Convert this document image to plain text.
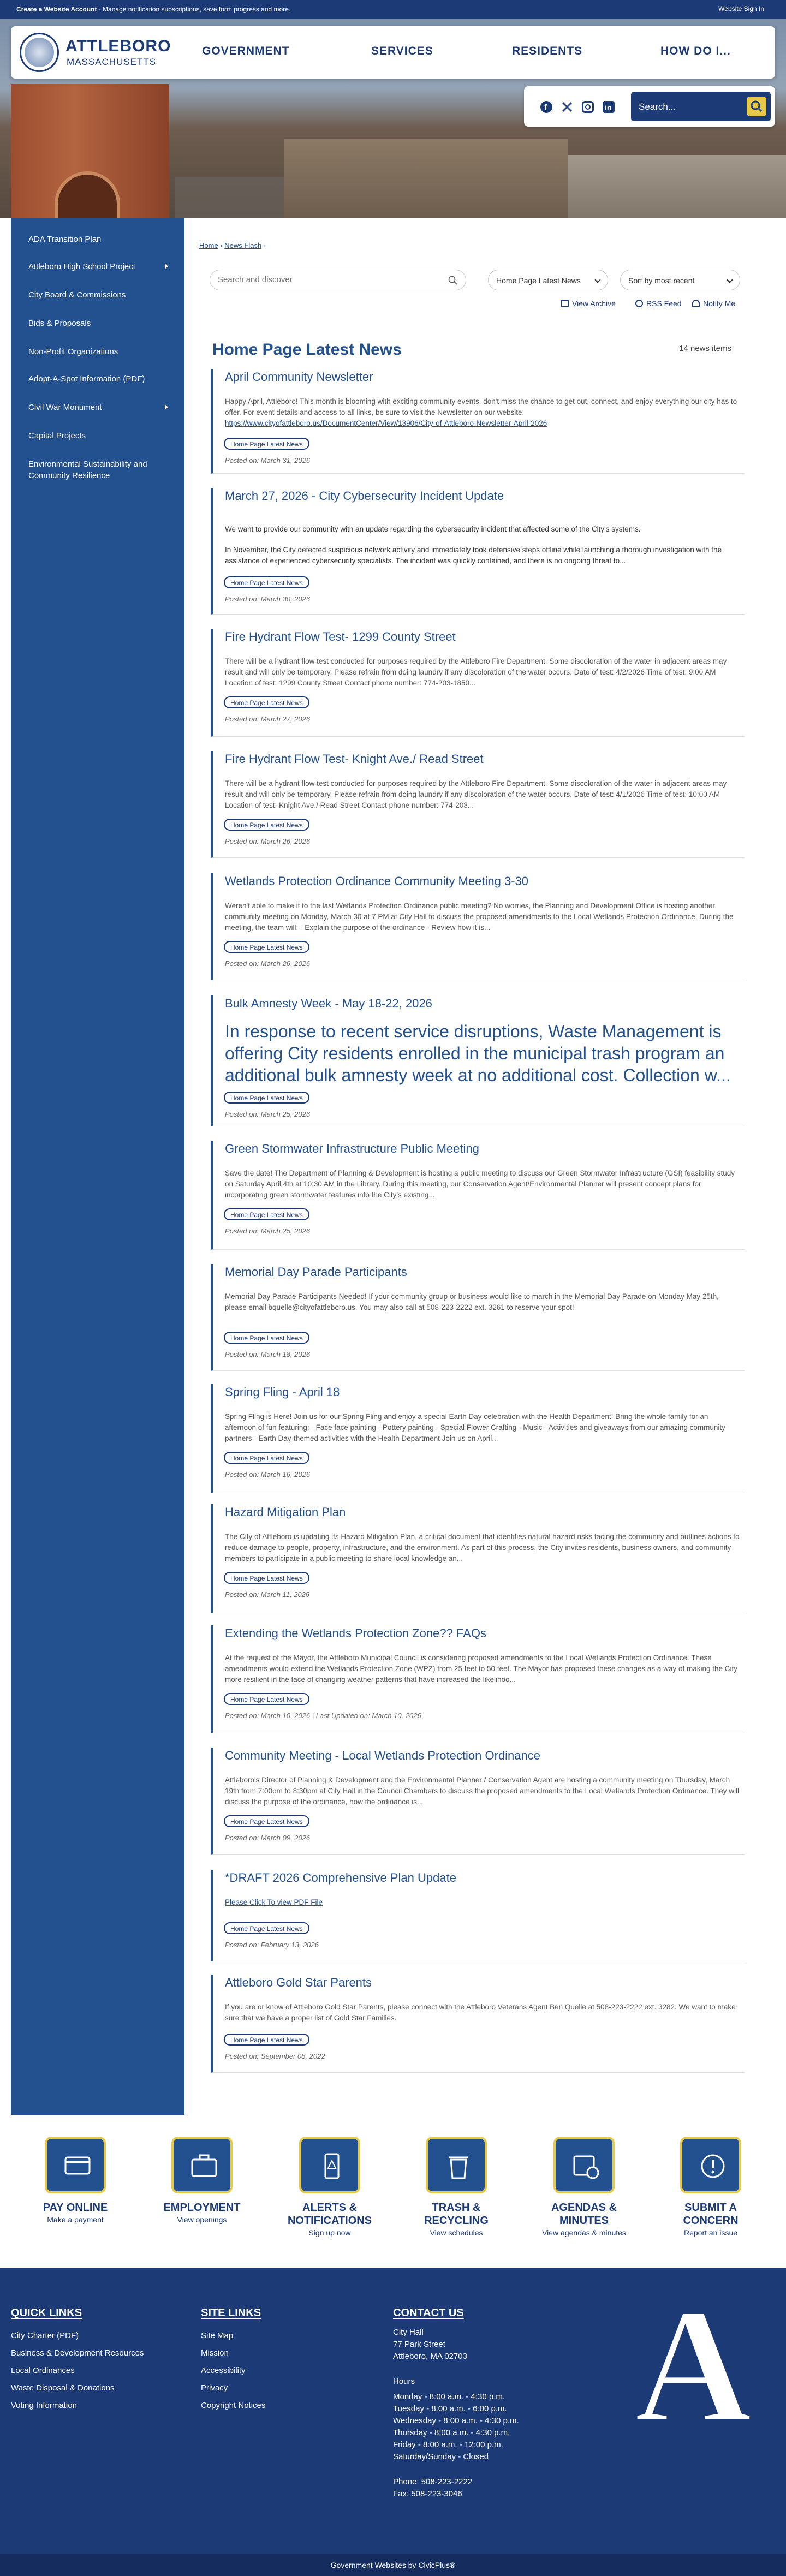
Create a Website Account - Manage notification subscriptions, save form progress and more.	Website Sign In
ATTLEBORO
MASSACHUSETTS
GOVERNMENT	SERVICES	RESIDENTS	HOW DO I...
f	in	Search...
ADA Transition Plan
Attleboro High School Project
City Board & Commissions
Bids & Proposals
Non-Profit Organizations
Adopt-A-Spot Information (PDF)
Civil War Monument
Capital Projects
Environmental Sustainability and Community Resilience
Home › News Flash ›
Search and discover
Home Page Latest News	Sort by most recent
View Archive	RSS Feed	Notify Me
Home Page Latest News	14 news items
April Community Newsletter
Happy April, Attleboro! This month is blooming with exciting community events, don't miss the chance to get out, connect, and enjoy everything our city has to offer. For event details and access to all links, be sure to visit the Newsletter on our website:
https://www.cityofattleboro.us/DocumentCenter/View/13906/City-of-Attleboro-Newsletter-April-2026
Home Page Latest News
Posted on: March 31, 2026
March 27, 2026 - City Cybersecurity Incident Update
We want to provide our community with an update regarding the cybersecurity incident that affected some of the City's systems.
In November, the City detected suspicious network activity and immediately took defensive steps offline while launching a thorough investigation with the assistance of experienced cybersecurity specialists. The incident was quickly contained, and there is no ongoing threat to...
Home Page Latest News
Posted on: March 30, 2026
Fire Hydrant Flow Test- 1299 County Street
There will be a hydrant flow test conducted for purposes required by the Attleboro Fire Department. Some discoloration of the water in adjacent areas may result and will only be temporary. Please refrain from doing laundry if any discoloration of the water occurs. Date of test: 4/2/2026 Time of test: 9:00 AM Location of test: 1299 County Street Contact phone number: 774-203-1850...
Home Page Latest News
Posted on: March 27, 2026
Fire Hydrant Flow Test- Knight Ave./ Read Street
There will be a hydrant flow test conducted for purposes required by the Attleboro Fire Department. Some discoloration of the water in adjacent areas may result and will only be temporary. Please refrain from doing laundry if any discoloration of the water occurs. Date of test: 4/1/2026 Time of test: 10:00 AM Location of test: Knight Ave./ Read Street Contact phone number: 774-203...
Home Page Latest News
Posted on: March 26, 2026
Wetlands Protection Ordinance Community Meeting 3-30
Weren't able to make it to the last Wetlands Protection Ordinance public meeting? No worries, the Planning and Development Office is hosting another community meeting on Monday, March 30 at 7 PM at City Hall to discuss the proposed amendments to the Local Wetlands Protection Ordinance. During the meeting, the team will: - Explain the purpose of the ordinance - Review how it is...
Home Page Latest News
Posted on: March 26, 2026
Bulk Amnesty Week - May 18-22, 2026
In response to recent service disruptions, Waste Management is offering City residents enrolled in the municipal trash program an additional bulk amnesty week at no additional cost. Collection w...
Home Page Latest News
Posted on: March 25, 2026
Green Stormwater Infrastructure Public Meeting
Save the date! The Department of Planning & Development is hosting a public meeting to discuss our Green Stormwater Infrastructure (GSI) feasibility study on Saturday April 4th at 10:30 AM in the Library. During this meeting, our Conservation Agent/Environmental Planner will present concept plans for incorporating green stormwater features into the City's existing...
Home Page Latest News
Posted on: March 25, 2026
Memorial Day Parade Participants
Memorial Day Parade Participants Needed! If your community group or business would like to march in the Memorial Day Parade on Monday May 25th, please email bquelle@cityofattleboro.us. You may also call at 508-223-2222 ext. 3261 to reserve your spot!
Home Page Latest News
Posted on: March 18, 2026
Spring Fling - April 18
Spring Fling is Here! Join us for our Spring Fling and enjoy a special Earth Day celebration with the Health Department! Bring the whole family for an afternoon of fun featuring: - Face face painting - Pottery painting - Special Flower Crafting - Music - Activities and giveaways from our amazing community partners - Earth Day-themed activities with the Health Department Join us on April...
Home Page Latest News
Posted on: March 16, 2026
Hazard Mitigation Plan
The City of Attleboro is updating its Hazard Mitigation Plan, a critical document that identifies natural hazard risks facing the community and outlines actions to reduce damage to people, property, infrastructure, and the environment. As part of this process, the City invites residents, business owners, and community members to participate in a public meeting to share local knowledge an...
Home Page Latest News
Posted on: March 11, 2026
Extending the Wetlands Protection Zone?? FAQs
At the request of the Mayor, the Attleboro Municipal Council is considering proposed amendments to the Local Wetlands Protection Ordinance. These amendments would extend the Wetlands Protection Zone (WPZ) from 25 feet to 50 feet. The Mayor has proposed these changes as a way of making the City more resilient in the face of changing weather patterns that have increased the likelihoo...
Home Page Latest News
Posted on: March 10, 2026 | Last Updated on: March 10, 2026
Community Meeting - Local Wetlands Protection Ordinance
Attleboro's Director of Planning & Development and the Environmental Planner / Conservation Agent are hosting a community meeting on Thursday, March 19th from 7:00pm to 8:30pm at City Hall in the Council Chambers to discuss the proposed amendments to the Local Wetlands Protection Ordinance. They will discuss the purpose of the ordinance, how the ordinance is...
Home Page Latest News
Posted on: March 09, 2026
*DRAFT 2026 Comprehensive Plan Update
Please Click To view PDF File
Home Page Latest News
Posted on: February 13, 2026
Attleboro Gold Star Parents
If you are or know of Attleboro Gold Star Parents, please connect with the Attleboro Veterans Agent Ben Quelle at 508-223-2222 ext. 3282. We want to make sure that we have a proper list of Gold Star Families.
Home Page Latest News
Posted on: September 08, 2022
PAY ONLINE
Make a payment
EMPLOYMENT
View openings
ALERTS & NOTIFICATIONS
Sign up now
TRASH & RECYCLING
View schedules
AGENDAS & MINUTES
View agendas & minutes
SUBMIT A CONCERN
Report an issue
QUICK LINKS
City Charter (PDF)
Business & Development Resources
Local Ordinances
Waste Disposal & Donations
Voting Information
SITE LINKS
Site Map
Mission
Accessibility
Privacy
Copyright Notices
CONTACT US
City Hall
77 Park Street
Attleboro, MA 02703
Hours
Monday - 8:00 a.m. - 4:30 p.m.
Tuesday - 8:00 a.m. - 6:00 p.m.
Wednesday - 8:00 a.m. - 4:30 p.m.
Thursday - 8:00 a.m. - 4:30 p.m.
Friday - 8:00 a.m. - 12:00 p.m.
Saturday/Sunday - Closed
Phone: 508-223-2222
Fax: 508-223-3046
A
Government Websites by CivicPlus®
